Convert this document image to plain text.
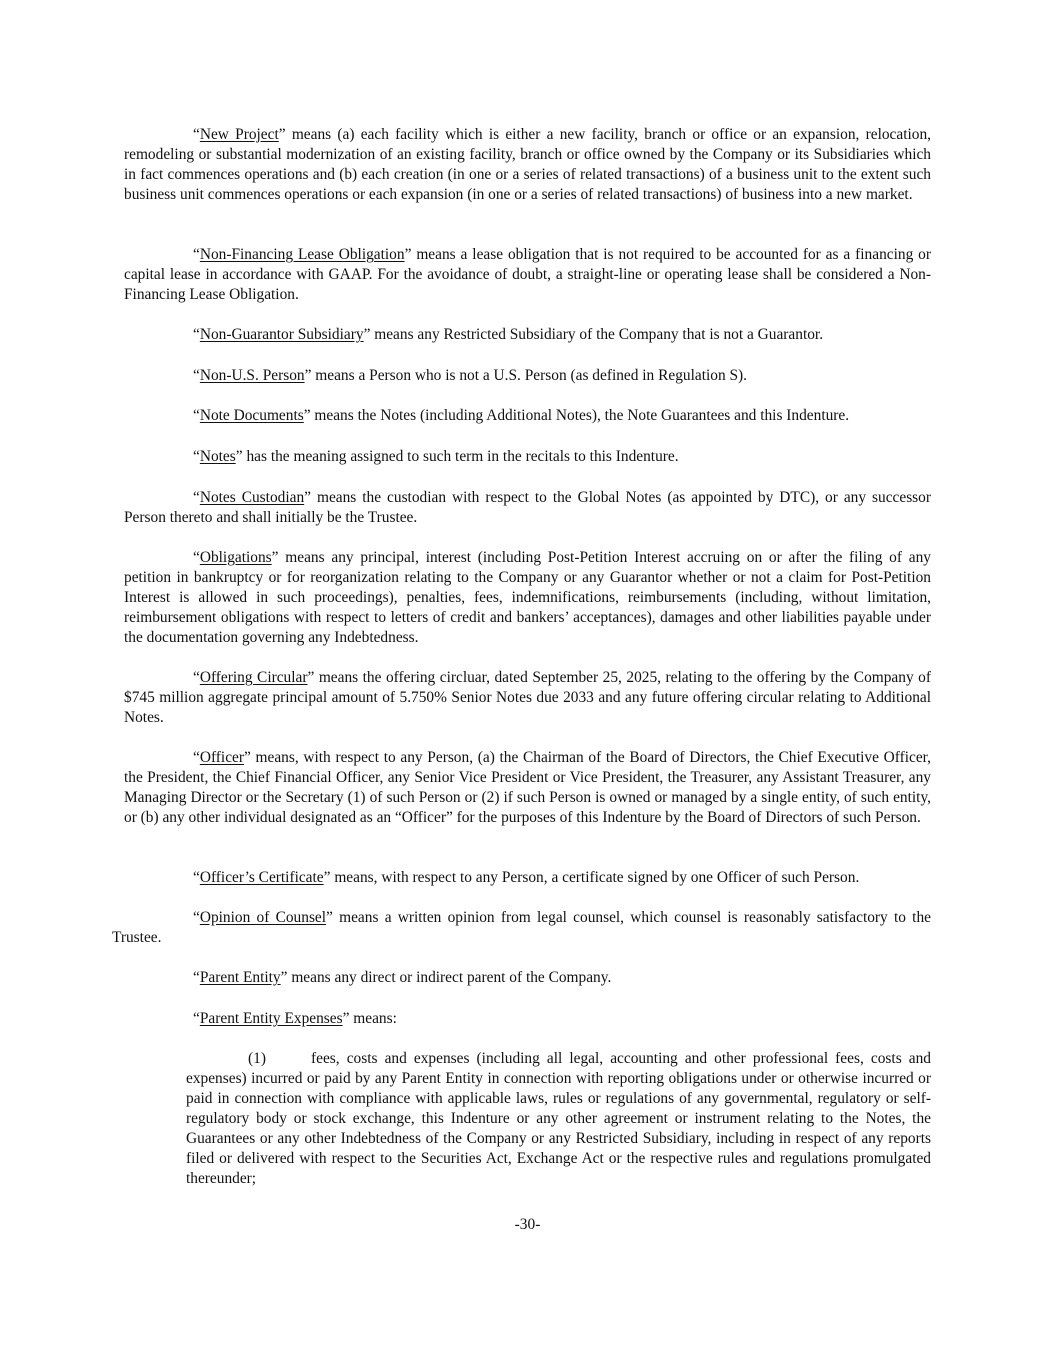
“New Project” means (a) each facility which is either a new facility, branch or office or an expansion, relocation, remodeling or substantial modernization of an existing facility, branch or office owned by the Company or its Subsidiaries which in fact commences operations and (b) each creation (in one or a series of related transactions) of a business unit to the extent such business unit commences operations or each expansion (in one or a series of related transactions) of business into a new market.

“Non-Financing Lease Obligation” means a lease obligation that is not required to be accounted for as a financing or capital lease in accordance with GAAP. For the avoidance of doubt, a straight-line or operating lease shall be considered a Non-Financing Lease Obligation.

“Non-Guarantor Subsidiary” means any Restricted Subsidiary of the Company that is not a Guarantor.

“Non-U.S. Person” means a Person who is not a U.S. Person (as defined in Regulation S).

“Note Documents” means the Notes (including Additional Notes), the Note Guarantees and this Indenture.

“Notes” has the meaning assigned to such term in the recitals to this Indenture.

“Notes Custodian” means the custodian with respect to the Global Notes (as appointed by DTC), or any successor Person thereto and shall initially be the Trustee.

“Obligations” means any principal, interest (including Post-Petition Interest accruing on or after the filing of any petition in bankruptcy or for reorganization relating to the Company or any Guarantor whether or not a claim for Post-Petition Interest is allowed in such proceedings), penalties, fees, indemnifications, reimbursements (including, without limitation, reimbursement obligations with respect to letters of credit and bankers’ acceptances), damages and other liabilities payable under the documentation governing any Indebtedness.

“Offering Circular” means the offering circluar, dated September 25, 2025, relating to the offering by the Company of $745 million aggregate principal amount of 5.750% Senior Notes due 2033 and any future offering circular relating to Additional Notes.

“Officer” means, with respect to any Person, (a) the Chairman of the Board of Directors, the Chief Executive Officer, the President, the Chief Financial Officer, any Senior Vice President or Vice President, the Treasurer, any Assistant Treasurer, any Managing Director or the Secretary (1) of such Person or (2) if such Person is owned or managed by a single entity, of such entity, or (b) any other individual designated as an “Officer” for the purposes of this Indenture by the Board of Directors of such Person.

“Officer’s Certificate” means, with respect to any Person, a certificate signed by one Officer of such Person.

“Opinion of Counsel” means a written opinion from legal counsel, which counsel is reasonably satisfactory to the Trustee.

“Parent Entity” means any direct or indirect parent of the Company.

“Parent Entity Expenses” means:

(1)	fees, costs and expenses (including all legal, accounting and other professional fees, costs and expenses) incurred or paid by any Parent Entity in connection with reporting obligations under or otherwise incurred or paid in connection with compliance with applicable laws, rules or regulations of any governmental, regulatory or self-regulatory body or stock exchange, this Indenture or any other agreement or instrument relating to the Notes, the Guarantees or any other Indebtedness of the Company or any Restricted Subsidiary, including in respect of any reports filed or delivered with respect to the Securities Act, Exchange Act or the respective rules and regulations promulgated thereunder;

-30-
